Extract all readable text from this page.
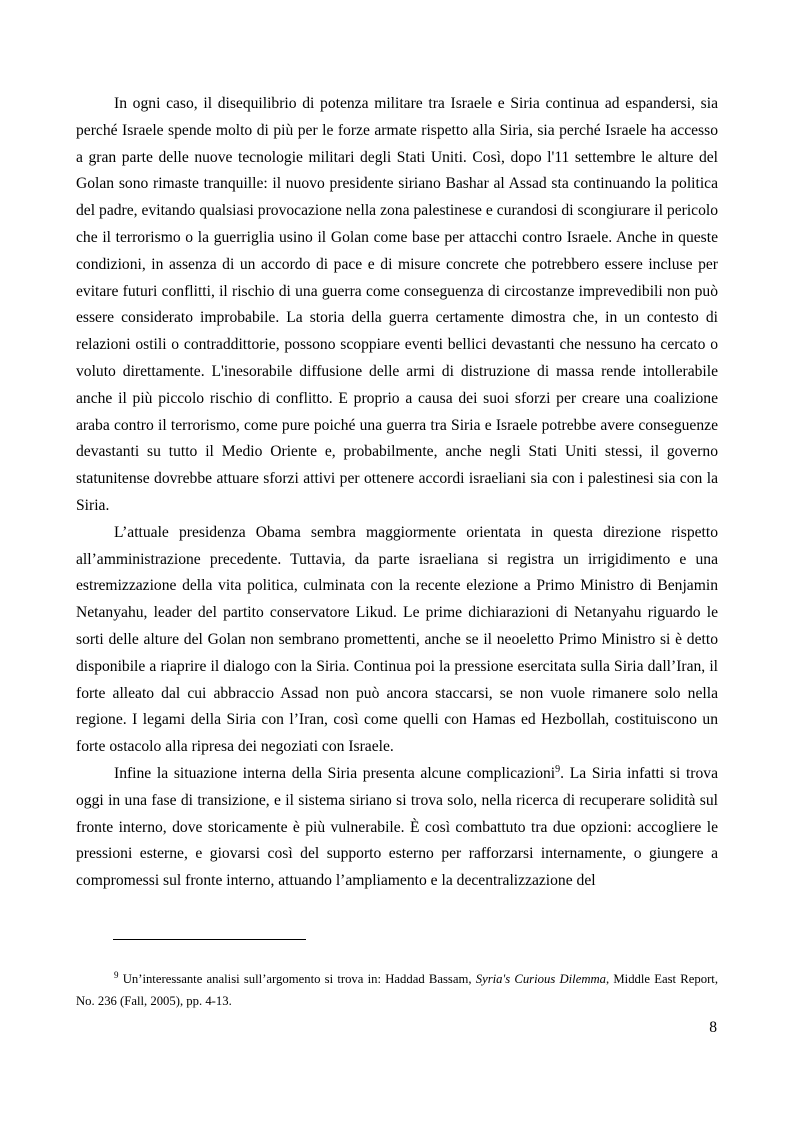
In ogni caso, il disequilibrio di potenza militare tra Israele e Siria continua ad espandersi, sia perché Israele spende molto di più per le forze armate rispetto alla Siria, sia perché Israele ha accesso a gran parte delle nuove tecnologie militari degli Stati Uniti. Così, dopo l'11 settembre le alture del Golan sono rimaste tranquille: il nuovo presidente siriano Bashar al Assad sta continuando la politica del padre, evitando qualsiasi provocazione nella zona palestinese e curandosi di scongiurare il pericolo che il terrorismo o la guerriglia usino il Golan come base per attacchi contro Israele. Anche in queste condizioni, in assenza di un accordo di pace e di misure concrete che potrebbero essere incluse per evitare futuri conflitti, il rischio di una guerra come conseguenza di circostanze imprevedibili non può essere considerato improbabile. La storia della guerra certamente dimostra che, in un contesto di relazioni ostili o contraddittorie, possono scoppiare eventi bellici devastanti che nessuno ha cercato o voluto direttamente. L'inesorabile diffusione delle armi di distruzione di massa rende intollerabile anche il più piccolo rischio di conflitto. E proprio a causa dei suoi sforzi per creare una coalizione araba contro il terrorismo, come pure poiché una guerra tra Siria e Israele potrebbe avere conseguenze devastanti su tutto il Medio Oriente e, probabilmente, anche negli Stati Uniti stessi, il governo statunitense dovrebbe attuare sforzi attivi per ottenere accordi israeliani sia con i palestinesi sia con la Siria.

L’attuale presidenza Obama sembra maggiormente orientata in questa direzione rispetto all’amministrazione precedente. Tuttavia, da parte israeliana si registra un irrigidimento e una estremizzazione della vita politica, culminata con la recente elezione a Primo Ministro di Benjamin Netanyahu, leader del partito conservatore Likud. Le prime dichiarazioni di Netanyahu riguardo le sorti delle alture del Golan non sembrano promettenti, anche se il neoeletto Primo Ministro si è detto disponibile a riaprire il dialogo con la Siria. Continua poi la pressione esercitata sulla Siria dall’Iran, il forte alleato dal cui abbraccio Assad non può ancora staccarsi, se non vuole rimanere solo nella regione. I legami della Siria con l’Iran, così come quelli con Hamas ed Hezbollah, costituiscono un forte ostacolo alla ripresa dei negoziati con Israele.

Infine la situazione interna della Siria presenta alcune complicazioni$^9$. La Siria infatti si trova oggi in una fase di transizione, e il sistema siriano si trova solo, nella ricerca di recuperare solidità sul fronte interno, dove storicamente è più vulnerabile. È così combattuto tra due opzioni: accogliere le pressioni esterne, e giovarsi così del supporto esterno per rafforzarsi internamente, o giungere a compromessi sul fronte interno, attuando l’ampliamento e la decentralizzazione del

$^9$ Un’interessante analisi sull’argomento si trova in: Haddad Bassam, Syria's Curious Dilemma, Middle East Report, No. 236 (Fall, 2005), pp. 4-13.

8
